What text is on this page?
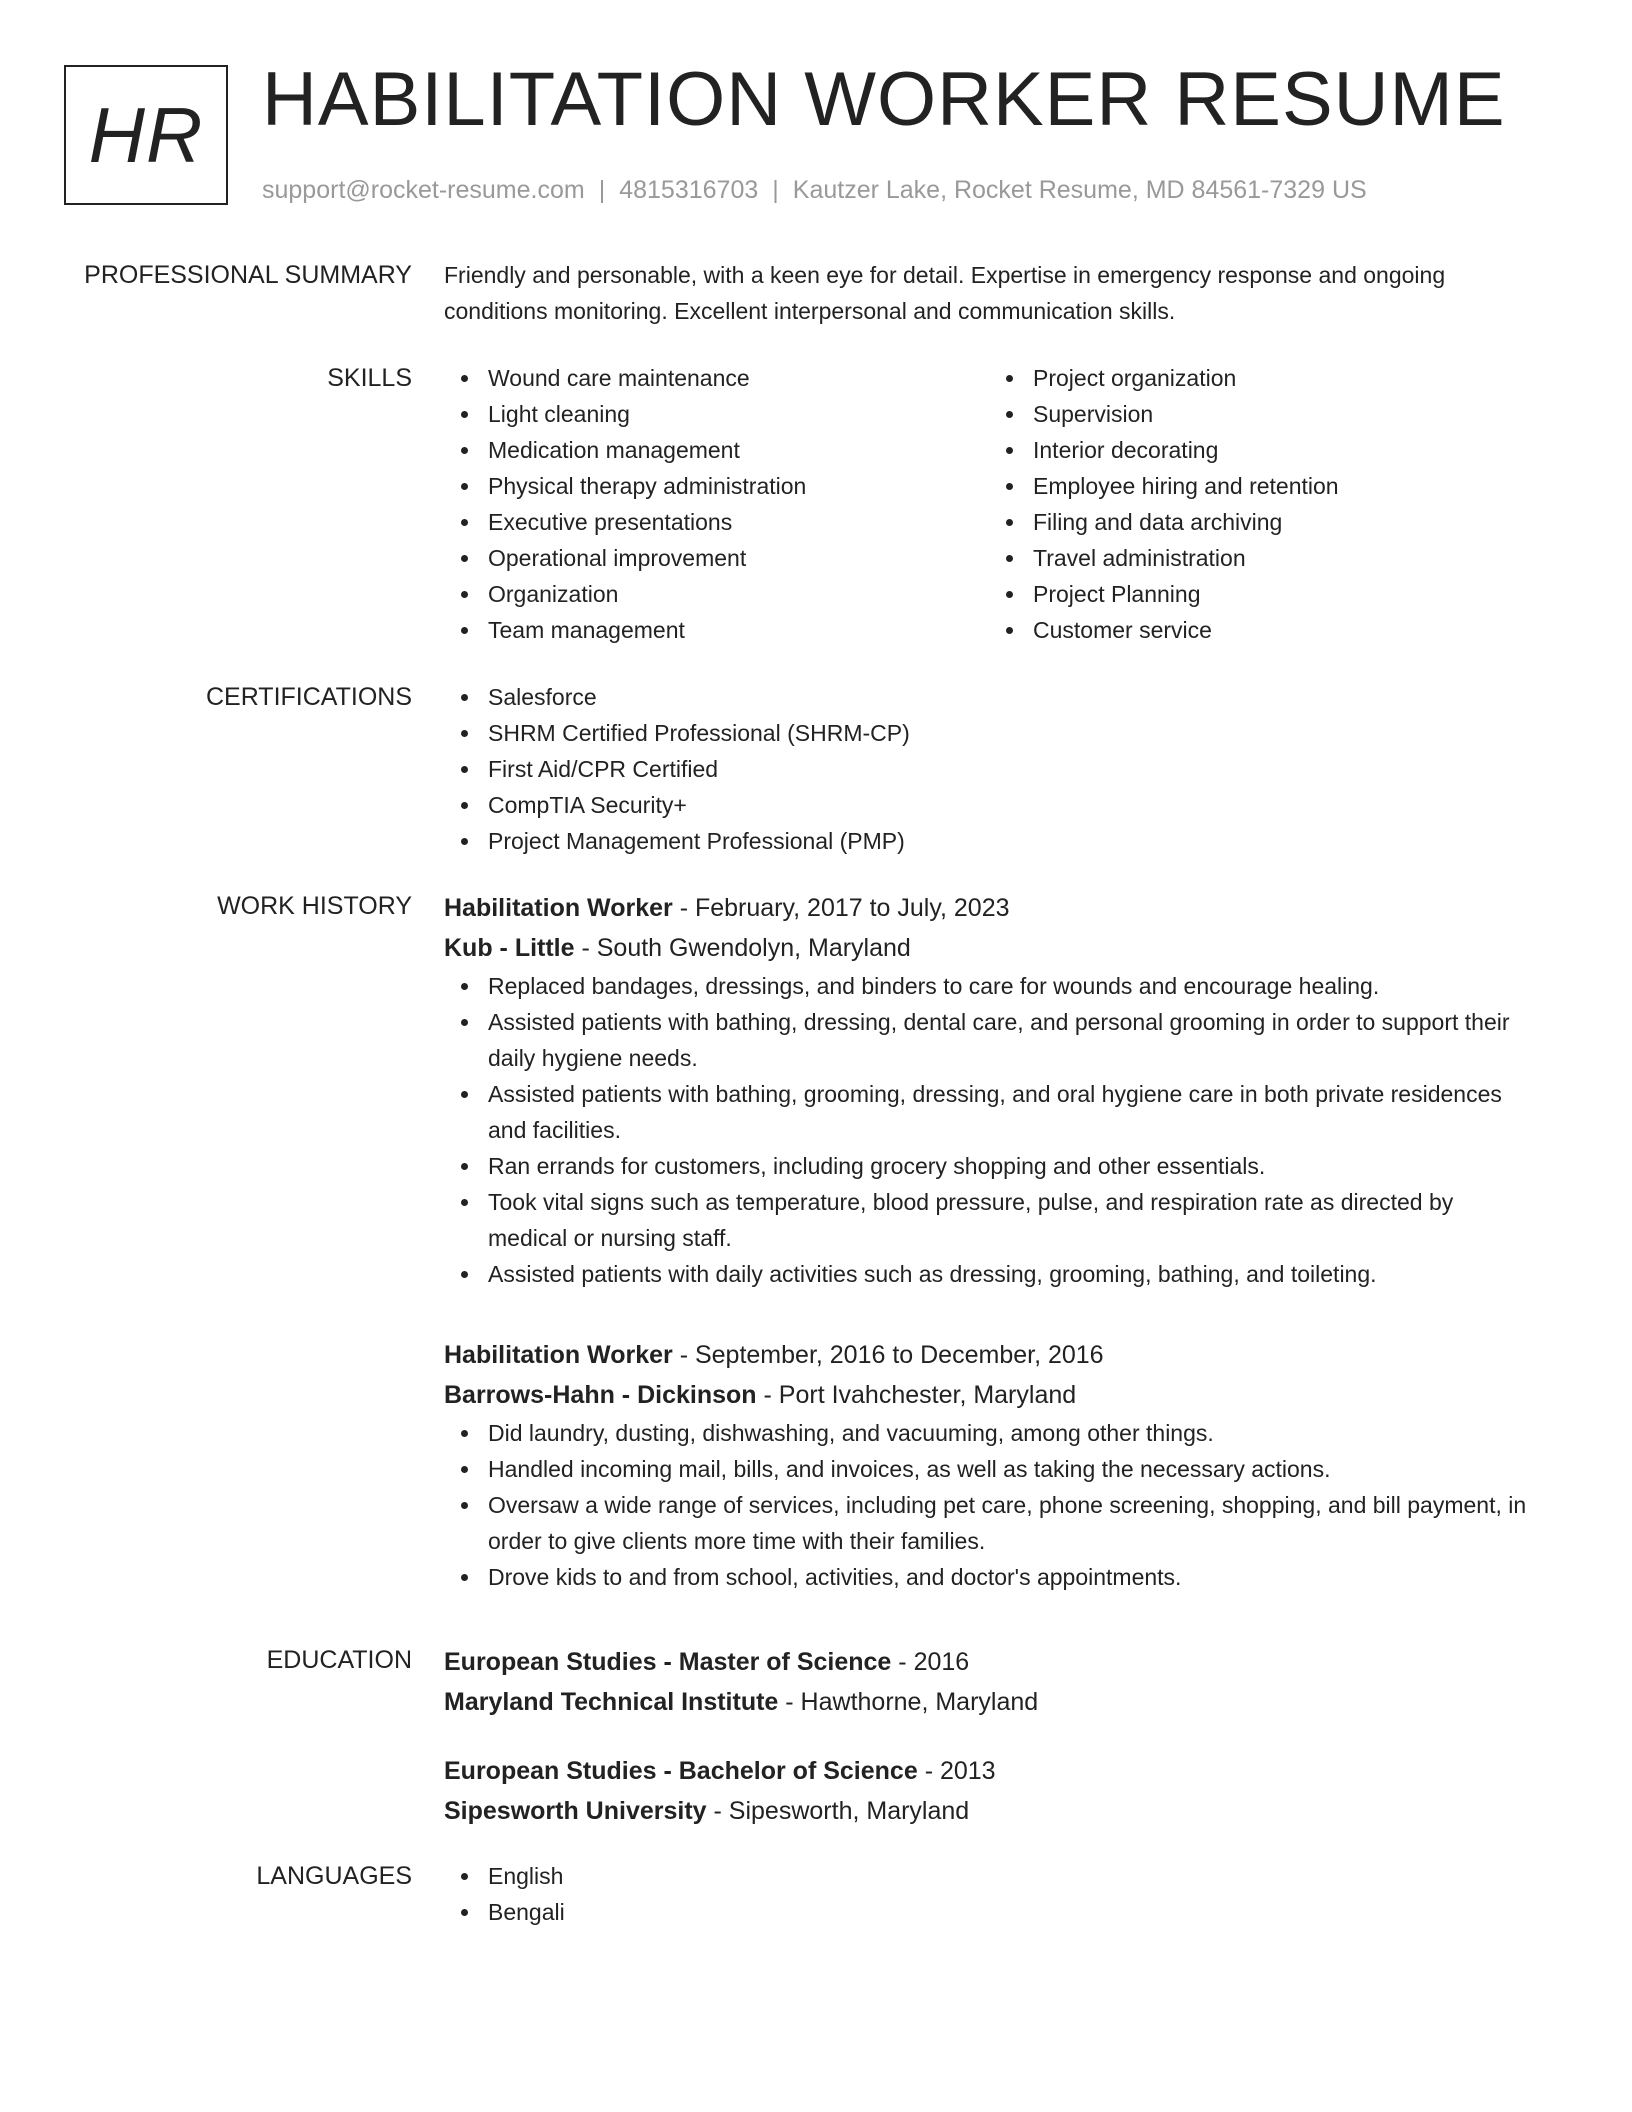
HR HABILITATION WORKER RESUME
support@rocket-resume.com | 4815316703 | Kautzer Lake, Rocket Resume, MD 84561-7329 US
PROFESSIONAL SUMMARY Friendly and personable, with a keen eye for detail. Expertise in emergency response and ongoing conditions monitoring. Excellent interpersonal and communication skills.

SKILLS	Wound care maintenance
Light cleaning
Medication management
Physical therapy administration
Executive presentations
Operational improvement
Organization
Team management
Project organization
Supervision
Interior decorating
Employee hiring and retention
Filing and data archiving
Travel administration
Project Planning
Customer service
CERTIFICATIONS	Salesforce
SHRM Certified Professional (SHRM-CP)
First Aid/CPR Certified
CompTIA Security+
Project Management Professional (PMP)
WORK HISTORY Habilitation Worker - February, 2017 to July, 2023
Kub - Little - South Gwendolyn, Maryland
Replaced bandages, dressings, and binders to care for wounds and encourage healing.
Assisted patients with bathing, dressing, dental care, and personal grooming in order to support their daily hygiene needs.
Assisted patients with bathing, grooming, dressing, and oral hygiene care in both private residences and facilities.
Ran errands for customers, including grocery shopping and other essentials.
Took vital signs such as temperature, blood pressure, pulse, and respiration rate as directed by medical or nursing staff.
Assisted patients with daily activities such as dressing, grooming, bathing, and toileting.
Habilitation Worker - September, 2016 to December, 2016
Barrows-Hahn - Dickinson - Port Ivahchester, Maryland
Did laundry, dusting, dishwashing, and vacuuming, among other things.
Handled incoming mail, bills, and invoices, as well as taking the necessary actions.
Oversaw a wide range of services, including pet care, phone screening, shopping, and bill payment, in order to give clients more time with their families.
Drove kids to and from school, activities, and doctor's appointments.
EDUCATION European Studies - Master of Science - 2016
Maryland Technical Institute - Hawthorne, Maryland
European Studies - Bachelor of Science - 2013
Sipesworth University - Sipesworth, Maryland
LANGUAGES	English
Bengali
